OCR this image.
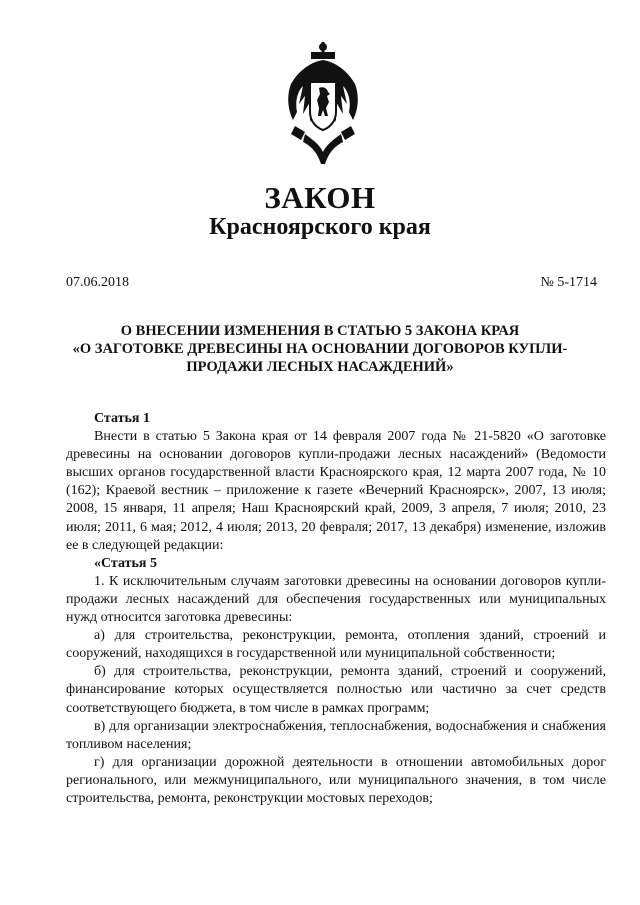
ЗАКОН
Красноярского края
07.06.2018	№ 5-1714
О ВНЕСЕНИИ ИЗМЕНЕНИЯ В СТАТЬЮ 5 ЗАКОНА КРАЯ
«О ЗАГОТОВКЕ ДРЕВЕСИНЫ НА ОСНОВАНИИ ДОГОВОРОВ КУПЛИ-
ПРОДАЖИ ЛЕСНЫХ НАСАЖДЕНИЙ»

Статья 1

Внести в статью 5 Закона края от 14 февраля 2007 года № 21-5820 «О заготовке древесины на основании договоров купли-продажи лесных насаждений» (Ведомости высших органов государственной власти Красноярского края, 12 марта 2007 года, № 10 (162); Краевой вестник – приложение к газете «Вечерний Красноярск», 2007, 13 июля; 2008, 15 января, 11 апреля; Наш Красноярский край, 2009, 3 апреля, 7 июля; 2010, 23 июля; 2011, 6 мая; 2012, 4 июля; 2013, 20 февраля; 2017, 13 декабря) изменение, изложив ее в следующей редакции:

«Статья 5

1. К исключительным случаям заготовки древесины на основании договоров купли-продажи лесных насаждений для обеспечения государственных или муниципальных нужд относится заготовка древесины:

а) для строительства, реконструкции, ремонта, отопления зданий, строений и сооружений, находящихся в государственной или муниципальной собственности;

б) для строительства, реконструкции, ремонта зданий, строений и сооружений, финансирование которых осуществляется полностью или частично за счет средств соответствующего бюджета, в том числе в рамках программ;

в) для организации электроснабжения, теплоснабжения, водоснабжения и снабжения топливом населения;

г) для организации дорожной деятельности в отношении автомобильных дорог регионального, или межмуниципального, или муниципального значения, в том числе строительства, ремонта, реконструкции мостовых переходов;
